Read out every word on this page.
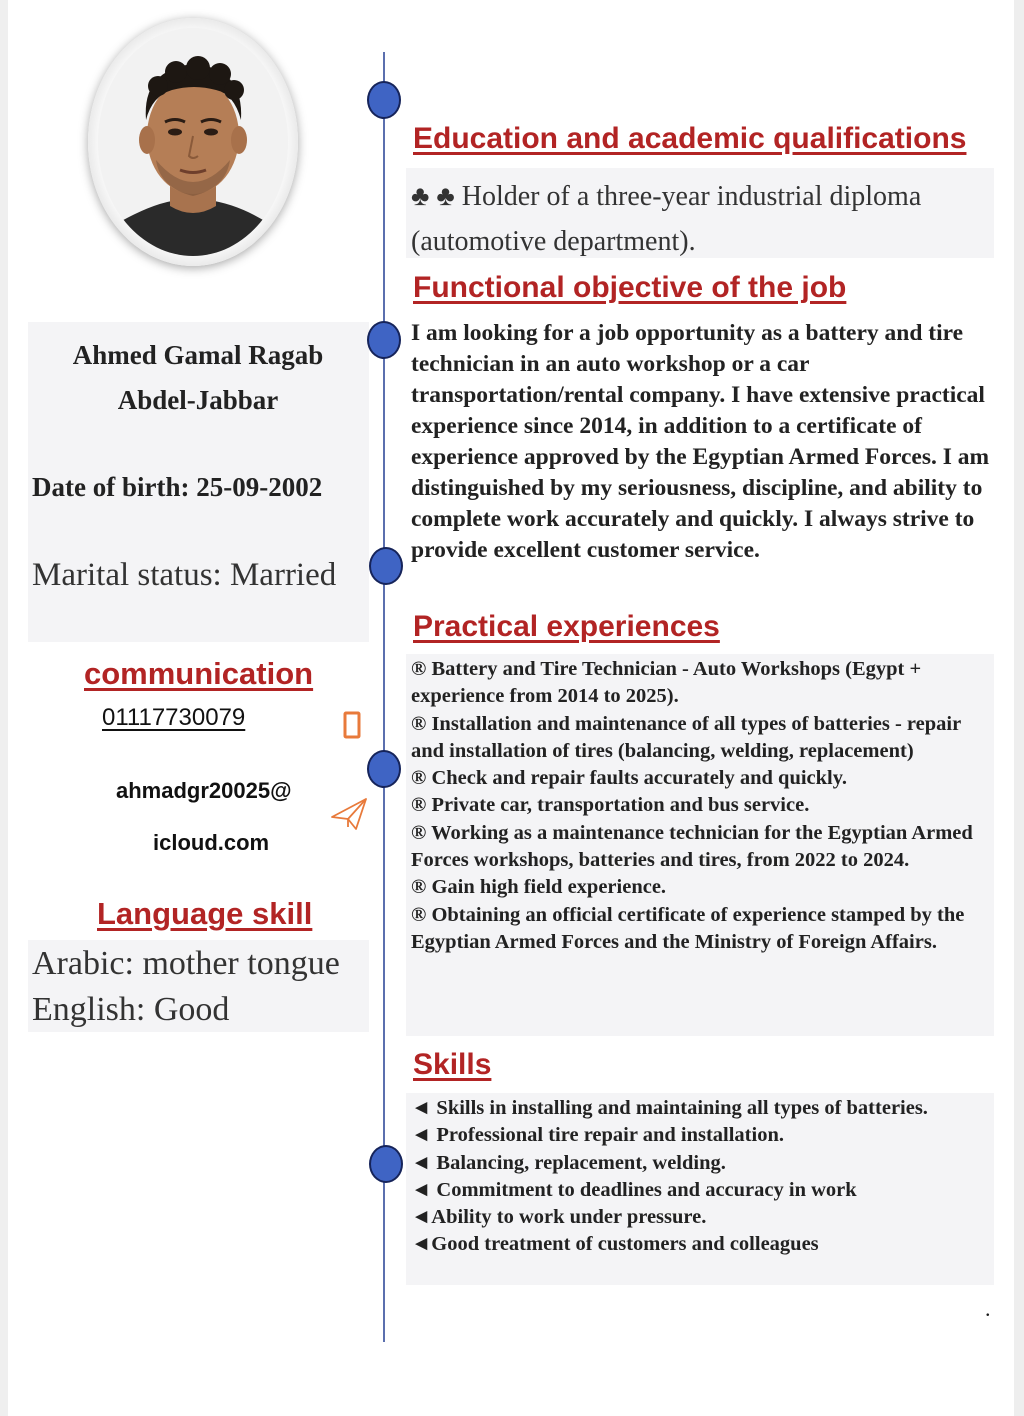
Ahmed Gamal Ragab
Abdel-Jabbar
Date of birth: 25-09-2002
Marital status: Married
communication
01117730079
ahmadgr20025@
icloud.com
Language skill
Arabic: mother tongue
English: Good
Education and academic qualifications
♣ ♣ Holder of a three-year industrial diploma (automotive department).
Functional objective of the job
I am looking for a job opportunity as a battery and tire technician in an auto workshop or a car transportation/rental company. I have extensive practical experience since 2014, in addition to a certificate of experience approved by the Egyptian Armed Forces. I am distinguished by my seriousness, discipline, and ability to complete work accurately and quickly. I always strive to provide excellent customer service.
Practical experiences
® Battery and Tire Technician - Auto Workshops (Egypt + experience from 2014 to 2025).
® Installation and maintenance of all types of batteries - repair and installation of tires (balancing, welding, replacement)
® Check and repair faults accurately and quickly.
® Private car, transportation and bus service.
® Working as a maintenance technician for the Egyptian Armed Forces workshops, batteries and tires, from 2022 to 2024.
® Gain high field experience.
® Obtaining an official certificate of experience stamped by the Egyptian Armed Forces and the Ministry of Foreign Affairs.
Skills
◄ Skills in installing and maintaining all types of batteries.
◄ Professional tire repair and installation.
◄ Balancing, replacement, welding.
◄ Commitment to deadlines and accuracy in work
◄Ability to work under pressure.
◄Good treatment of customers and colleagues
.
